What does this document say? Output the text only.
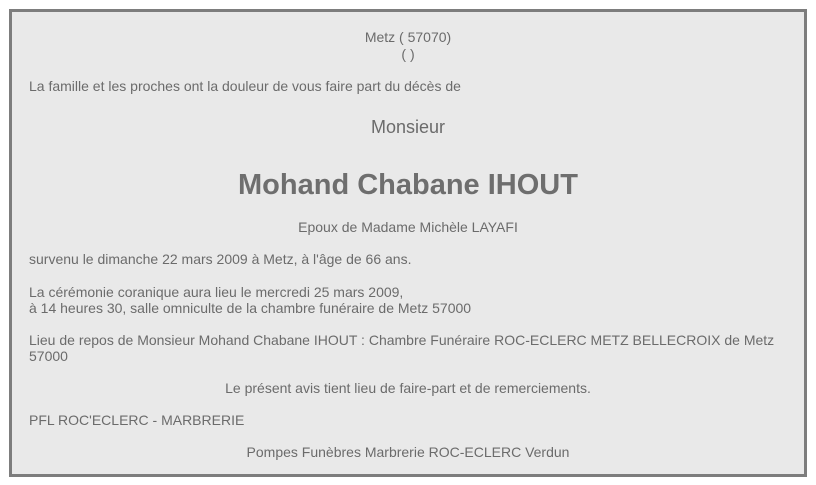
Metz ( 57070)
( )
La famille et les proches ont la douleur de vous faire part du décès de
Monsieur
Mohand Chabane IHOUT
Epoux de Madame Michèle LAYAFI
survenu le dimanche 22 mars 2009 à Metz, à l'âge de 66 ans.
La cérémonie coranique aura lieu le mercredi 25 mars 2009,
à 14 heures 30, salle omniculte de la chambre funéraire de Metz 57000
Lieu de repos de Monsieur Mohand Chabane IHOUT : Chambre Funéraire ROC-ECLERC METZ BELLECROIX de Metz 57000
Le présent avis tient lieu de faire-part et de remerciements.
PFL ROC'ECLERC - MARBRERIE
Pompes Funèbres Marbrerie ROC-ECLERC Verdun
